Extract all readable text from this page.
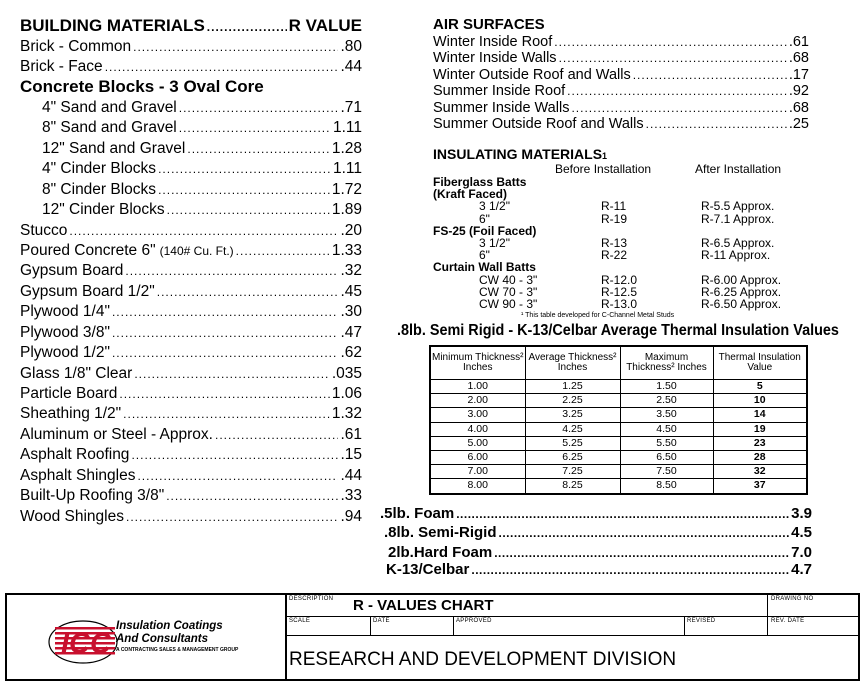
BUILDING MATERIALS .....	R VALUE
Brick - Common .....	.80
Brick - Face .....	.44
Concrete Blocks - 3 Oval Core
4" Sand and Gravel .....	.71
8" Sand and Gravel .....	1.11
12" Sand and Gravel .....	1.28
4" Cinder Blocks .....	1.11
8" Cinder Blocks .....	1.72
12" Cinder Blocks .....	1.89
Stucco .....	.20
Poured Concrete 6" (140# Cu. Ft.) .....	1.33
Gypsum Board .....	.32
Gypsum Board 1/2" .....	.45
Plywood 1/4" .....	.30
Plywood 3/8" .....	.47
Plywood 1/2" .....	.62
Glass 1/8" Clear .....	.035
Particle Board .....	1.06
Sheathing 1/2" .....	1.32
Aluminum or Steel - Approx. .....	.61
Asphalt Roofing .....	.15
Asphalt Shingles .....	.44
Built-Up Roofing 3/8" .....	.33
Wood Shingles .....	.94
AIR SURFACES
Winter Inside Roof .....	.61
Winter Inside Walls .....	.68
Winter Outside Roof and Walls .....	.17
Summer Inside Roof .....	.92
Summer Inside Walls .....	.68
Summer Outside Roof and Walls .....	.25
INSULATING MATERIALS 1
Before Installation	After Installation
Fiberglass Batts
(Kraft Faced)
3 1/2"	R-11	R-5.5 Approx.
6"	R-19	R-7.1 Approx.
FS-25 (Foil Faced)
3 1/2"	R-13	R-6.5 Approx.
6"	R-22	R-11 Approx.
Curtain Wall Batts
CW 40 - 3"	R-12.0	R-6.00 Approx.
CW 70 - 3"	R-12.5	R-6.25 Approx.
CW 90 - 3"	R-13.0	R-6.50 Approx.
¹ This table developed for C-Channel Metal Studs
.8lb. Semi Rigid - K-13/Celbar Average Thermal Insulation Values
Minimum Thickness² Inches	Average Thickness² Inches	Maximum Thickness² Inches	Thermal Insulation Value
1.00	1.25	1.50	5
2.00	2.25	2.50	10
3.00	3.25	3.50	14
4.00	4.25	4.50	19
5.00	5.25	5.50	23
6.00	6.25	6.50	28
7.00	7.25	7.50	32
8.00	8.25	8.50	37
.5lb. Foam .....	3.9
.8lb. Semi-Rigid .....	4.5
2lb.Hard Foam .....	7.0
K-13/Celbar .....	4.7
DESCRIPTION	DRAWING NO
SCALE	DATE	APPROVED	REVISED	REV. DATE
R - VALUES CHART
RESEARCH AND DEVELOPMENT DIVISION
ICC
Insulation Coatings
And Consultants
A CONTRACTING SALES & MANAGEMENT GROUP
